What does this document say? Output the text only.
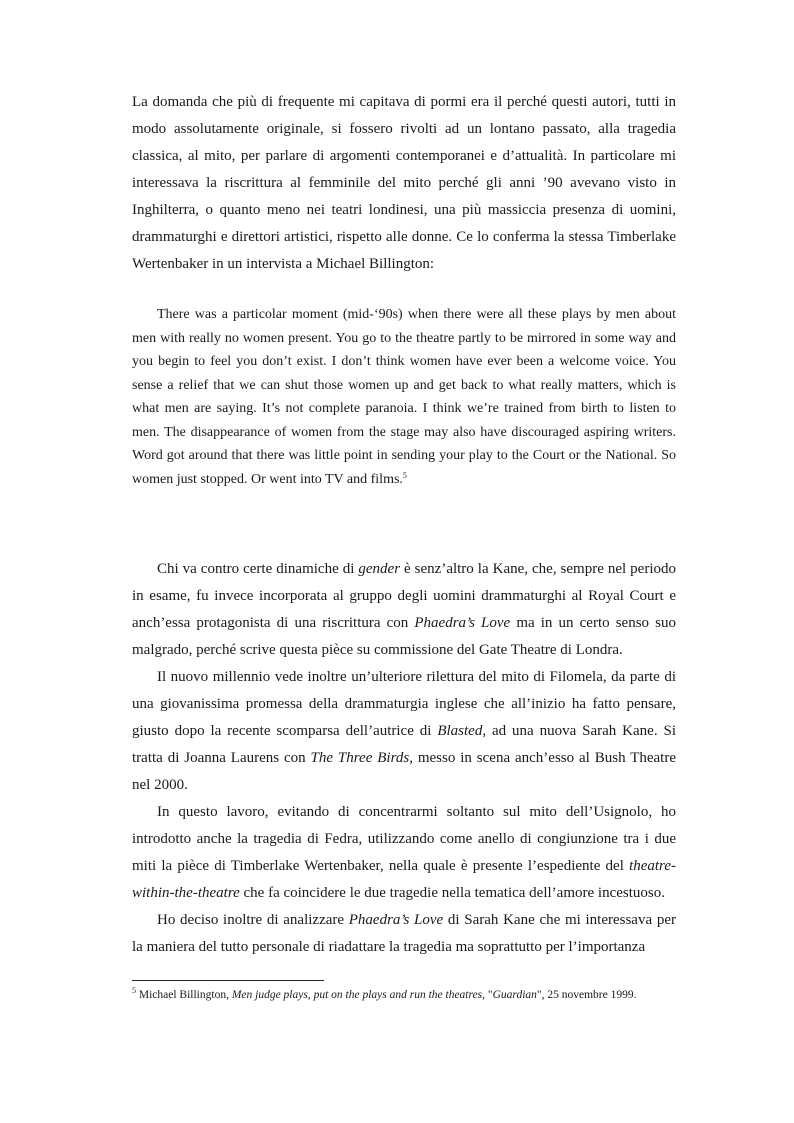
La domanda che più di frequente mi capitava di pormi era il perché questi autori, tutti in modo assolutamente originale, si fossero rivolti ad un lontano passato, alla tragedia classica, al mito, per parlare di argomenti contemporanei e d’attualità. In particolare mi interessava la riscrittura al femminile del mito perché gli anni ’90 avevano visto in Inghilterra, o quanto meno nei teatri londinesi, una più massiccia presenza di uomini, drammaturghi e direttori artistici, rispetto alle donne. Ce lo conferma la stessa Timberlake Wertenbaker in un intervista a Michael Billington:

There was a particolar moment (mid-‘90s) when there were all these plays by men about men with really no women present. You go to the theatre partly to be mirrored in some way and you begin to feel you don’t exist. I don’t think women have ever been a welcome voice. You sense a relief that we can shut those women up and get back to what really matters, which is what men are saying. It’s not complete paranoia. I think we’re trained from birth to listen to men. The disappearance of women from the stage may also have discouraged aspiring writers. Word got around that there was little point in sending your play to the Court or the National. So women just stopped. Or went into TV and films.$^5$

Chi va contro certe dinamiche di gender è senz’altro la Kane, che, sempre nel periodo in esame, fu invece incorporata al gruppo degli uomini drammaturghi al Royal Court e anch’essa protagonista di una riscrittura con Phaedra’s Love ma in un certo senso suo malgrado, perché scrive questa pièce su commissione del Gate Theatre di Londra.

Il nuovo millennio vede inoltre un’ulteriore rilettura del mito di Filomela, da parte di una giovanissima promessa della drammaturgia inglese che all’inizio ha fatto pensare, giusto dopo la recente scomparsa dell’autrice di Blasted, ad una nuova Sarah Kane. Si tratta di Joanna Laurens con The Three Birds, messo in scena anch’esso al Bush Theatre nel 2000.

In questo lavoro, evitando di concentrarmi soltanto sul mito dell’Usignolo, ho introdotto anche la tragedia di Fedra, utilizzando come anello di congiunzione tra i due miti la pièce di Timberlake Wertenbaker, nella quale è presente l’espediente del theatre-within-the-theatre che fa coincidere le due tragedie nella tematica dell’amore incestuoso.

Ho deciso inoltre di analizzare Phaedra’s Love di Sarah Kane che mi interessava per la maniera del tutto personale di riadattare la tragedia ma soprattutto per l’importanza

$^5$ Michael Billington, Men judge plays, put on the plays and run the theatres, "Guardian", 25 novembre 1999.
